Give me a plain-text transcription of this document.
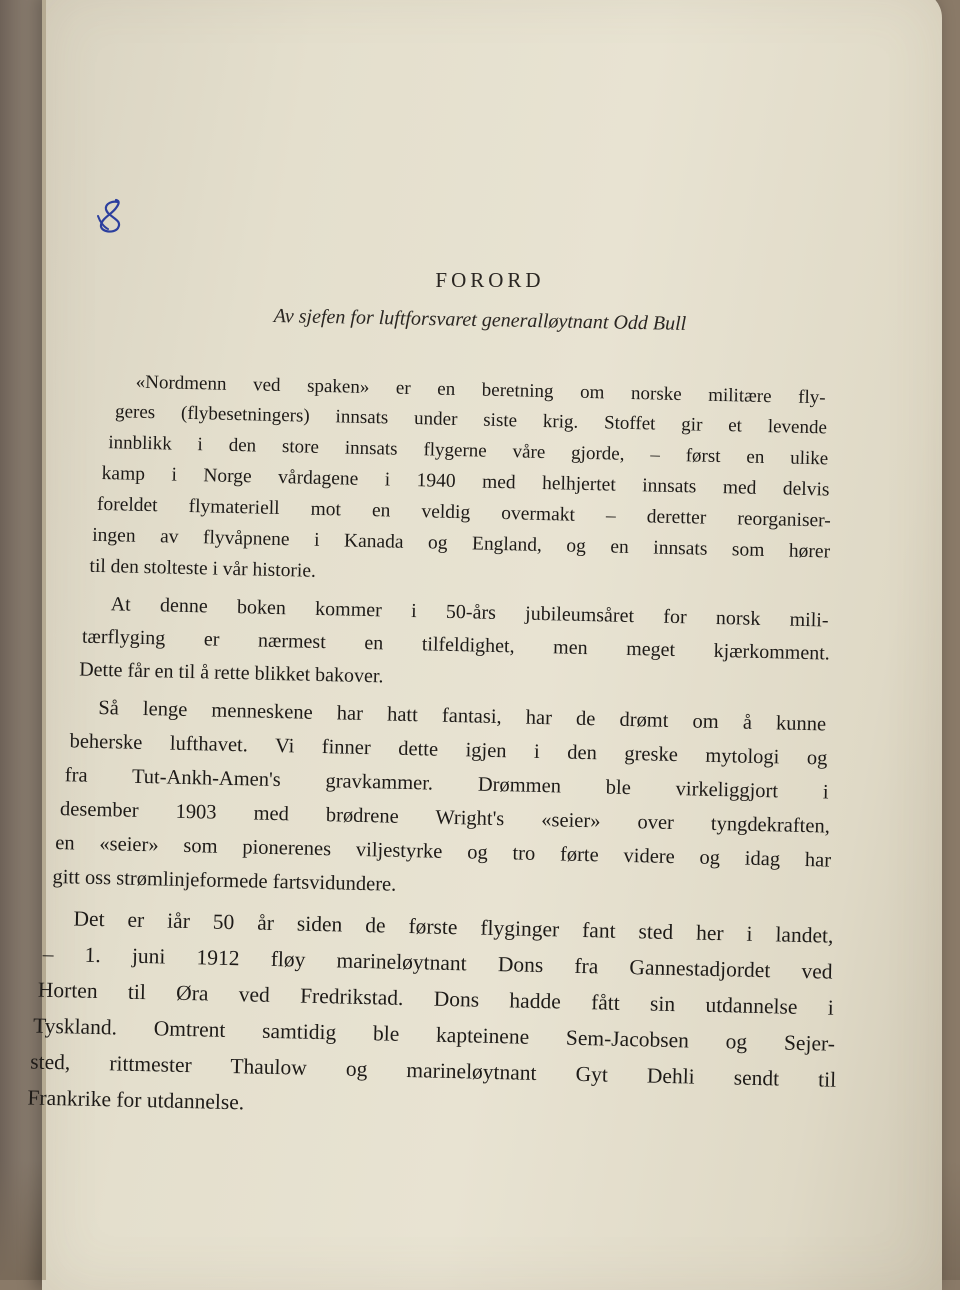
FORORD
Av sjefen for luftforsvaret generalløytnant Odd Bull
«Nordmenn ved spaken» er en beretning om norske militære fly-
geres (flybesetningers) innsats under siste krig. Stoffet gir et levende
innblikk i den store innsats flygerne våre gjorde, – først en ulike
kamp i Norge vårdagene i 1940 med helhjertet innsats med delvis
foreldet flymateriell mot en veldig overmakt – deretter reorganiser-
ingen av flyvåpnene i Kanada og England, og en innsats som hører
til den stolteste i vår historie.
At denne boken kommer i 50-års jubileumsåret for norsk mili-
tærflyging er nærmest en tilfeldighet, men meget kjærkomment.
Dette får en til å rette blikket bakover.
Så lenge menneskene har hatt fantasi, har de drømt om å kunne
beherske lufthavet. Vi finner dette igjen i den greske mytologi og
fra Tut-Ankh-Amen's gravkammer. Drømmen ble virkeliggjort i
desember 1903 med brødrene Wright's «seier» over tyngdekraften,
en «seier» som pionerenes viljestyrke og tro førte videre og idag har
gitt oss strømlinjeformede fartsvidundere.
Det er iår 50 år siden de første flyginger fant sted her i landet,
– 1. juni 1912 fløy marineløytnant Dons fra Gannestadjordet ved
Horten til Øra ved Fredrikstad. Dons hadde fått sin utdannelse i
Tyskland. Omtrent samtidig ble kapteinene Sem-Jacobsen og Sejer-
sted, rittmester Thaulow og marineløytnant Gyt Dehli sendt til
Frankrike for utdannelse.
